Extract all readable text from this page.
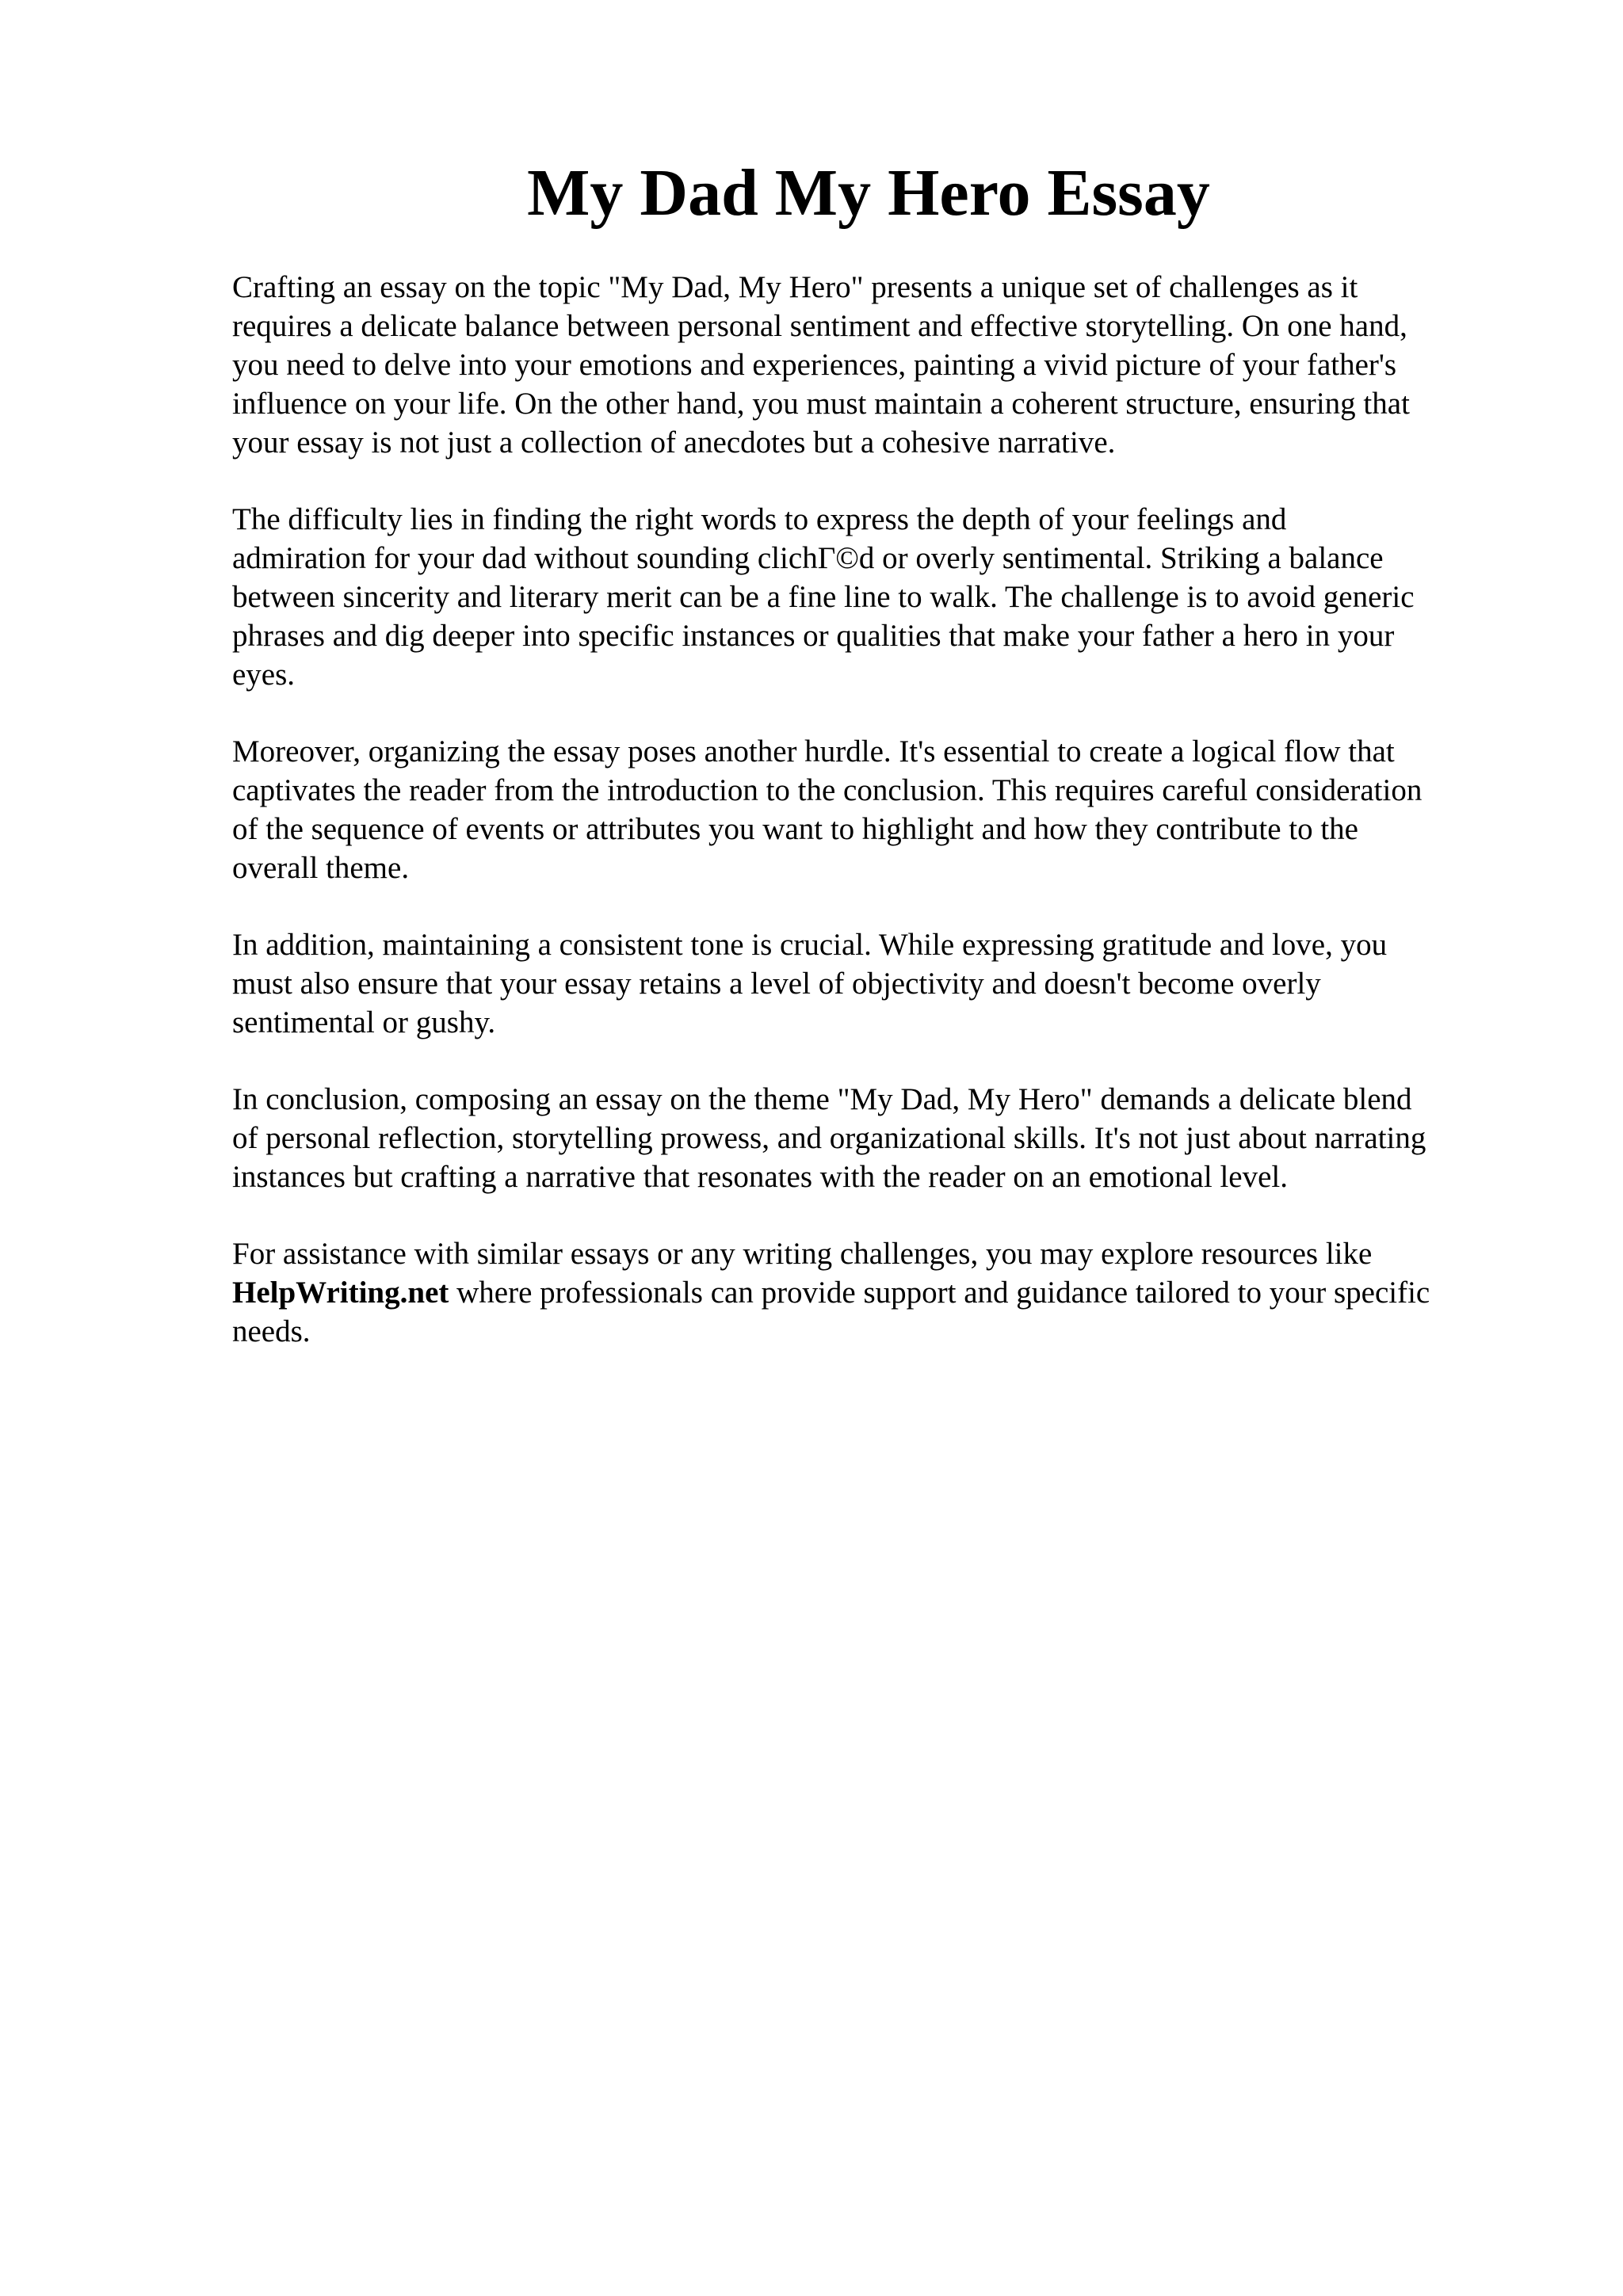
My Dad My Hero Essay

Crafting an essay on the topic "My Dad, My Hero" presents a unique set of challenges as it
requires a delicate balance between personal sentiment and effective storytelling. On one hand,
you need to delve into your emotions and experiences, painting a vivid picture of your father's
influence on your life. On the other hand, you must maintain a coherent structure, ensuring that
your essay is not just a collection of anecdotes but a cohesive narrative.

The difficulty lies in finding the right words to express the depth of your feelings and
admiration for your dad without sounding clichΓ©d or overly sentimental. Striking a balance
between sincerity and literary merit can be a fine line to walk. The challenge is to avoid generic
phrases and dig deeper into specific instances or qualities that make your father a hero in your
eyes.

Moreover, organizing the essay poses another hurdle. It's essential to create a logical flow that
captivates the reader from the introduction to the conclusion. This requires careful consideration
of the sequence of events or attributes you want to highlight and how they contribute to the
overall theme.

In addition, maintaining a consistent tone is crucial. While expressing gratitude and love, you
must also ensure that your essay retains a level of objectivity and doesn't become overly
sentimental or gushy.

In conclusion, composing an essay on the theme "My Dad, My Hero" demands a delicate blend
of personal reflection, storytelling prowess, and organizational skills. It's not just about narrating
instances but crafting a narrative that resonates with the reader on an emotional level.

For assistance with similar essays or any writing challenges, you may explore resources like
HelpWriting.net where professionals can provide support and guidance tailored to your specific
needs.
